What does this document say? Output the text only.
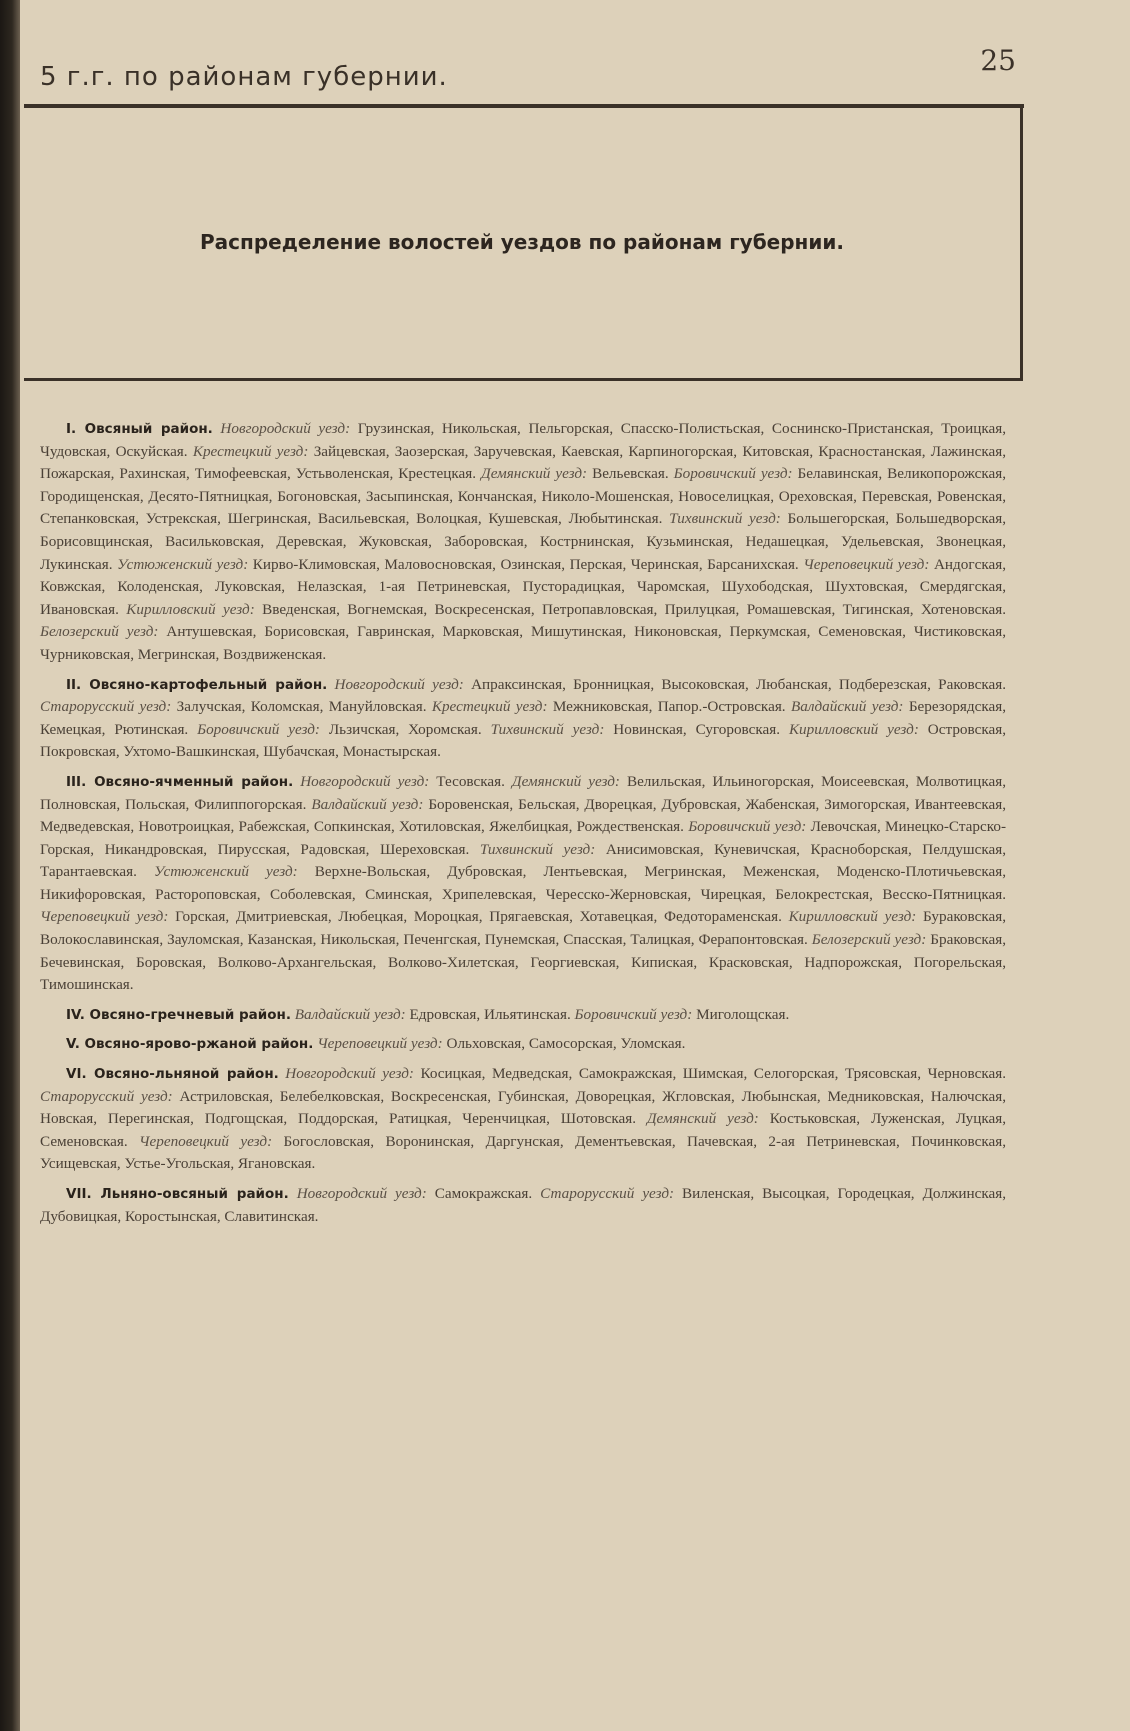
5 г.г. по районам губернии.	25
Распределение волостей уездов по районам губернии.

I. Овсяный район. Новгородский уезд: Грузинская, Никольская, Пельгорская, Спасско-Полистьская, Соснинско-Пристанская, Троицкая, Чудовская, Оскуйская. Крестецкий уезд: Зайцевская, Заозерская, Заручевская, Каевская, Карпиногорская, Китовская, Красностанская, Лажинская, Пожарская, Рахинская, Тимофеевская, Устьволенская, Крестецкая. Демянский уезд: Вельевская. Боровичский уезд: Белавинская, Великопорожская, Городищенская, Десято-Пятницкая, Богоновская, Засыпинская, Кончанская, Николо-Мошенская, Новоселицкая, Ореховская, Перевская, Ровенская, Степанковская, Устрекская, Шегринская, Васильевская, Волоцкая, Кушевская, Любытинская. Тихвинский уезд: Большегорская, Большедворская, Борисовщинская, Васильковская, Деревская, Жуковская, Заборовская, Кострнинская, Кузьминская, Недашецкая, Удельевская, Звонецкая, Лукинская. Устюженский уезд: Кирво-Климовская, Маловосновская, Озинская, Перская, Черинская, Барсанихская. Череповецкий уезд: Андогская, Ковжская, Колоденская, Луковская, Нелазская, 1-ая Петриневская, Пусторадицкая, Чаромская, Шухободская, Шухтовская, Смердягская, Ивановская. Кирилловский уезд: Введенская, Вогнемская, Воскресенская, Петропавловская, Прилуцкая, Ромашевская, Тигинская, Хотеновская. Белозерский уезд: Антушевская, Борисовская, Гавринская, Марковская, Мишутинская, Никоновская, Перкумская, Семеновская, Чистиковская, Чурниковская, Мегринская, Воздвиженская.

II. Овсяно-картофельный район. Новгородский уезд: Апраксинская, Бронницкая, Высоковская, Любанская, Подберезская, Раковская. Старорусский уезд: Залучская, Коломская, Мануйловская. Крестецкий уезд: Межниковская, Папор.-Островская. Валдайский уезд: Березорядская, Кемецкая, Рютинская. Боровичский уезд: Льзичская, Хоромская. Тихвинский уезд: Новинская, Сугоровская. Кирилловский уезд: Островская, Покровская, Ухтомо-Вашкинская, Шубачская, Монастырская.

III. Овсяно-ячменный район. Новгородский уезд: Тесовская. Демянский уезд: Велильская, Ильиногорская, Моисеевская, Молвотицкая, Полновская, Польская, Филиппогорская. Валдайский уезд: Боровенская, Бельская, Дворецкая, Дубровская, Жабенская, Зимогорская, Ивантеевская, Медведевская, Новотроицкая, Рабежская, Сопкинская, Хотиловская, Яжелбицкая, Рождественская. Боровичский уезд: Левочская, Минецко-Старско-Горская, Никандровская, Пирусская, Радовская, Шереховская. Тихвинский уезд: Анисимовская, Куневичская, Красноборская, Пелдушская, Тарантаевская. Устюженский уезд: Верхне-Вольская, Дубровская, Лентьевская, Мегринская, Меженская, Моденско-Плотичьевская, Никифоровская, Растороповская, Соболевская, Сминская, Хрипелевская, Чересско-Жерновская, Чирецкая, Белокрестская, Весско-Пятницкая. Череповецкий уезд: Горская, Дмитриевская, Любецкая, Мороцкая, Прягаевская, Хотавецкая, Федотораменская. Кирилловский уезд: Бураковская, Волокославинская, Зауломская, Казанская, Никольская, Печенгская, Пунемская, Спасская, Талицкая, Ферапонтовская. Белозерский уезд: Браковская, Бечевинская, Боровская, Волково-Архангельская, Волково-Хилетская, Георгиевская, Кипиская, Красковская, Надпорожская, Погорельская, Тимошинская.

IV. Овсяно-гречневый район. Валдайский уезд: Едровская, Ильятинская. Боровичский уезд: Миголощская.

V. Овсяно-ярово-ржаной район. Череповецкий уезд: Ольховская, Самосорская, Уломская.

VI. Овсяно-льняной район. Новгородский уезд: Косицкая, Медведская, Самокражская, Шимская, Селогорская, Трясовская, Черновская. Старорусский уезд: Астриловская, Белебелковская, Воскресенская, Губинская, Доворецкая, Жгловская, Любынская, Медниковская, Налючская, Новская, Перегинская, Подгощская, Поддорская, Ратицкая, Черенчицкая, Шотовская. Демянский уезд: Костьковская, Луженская, Луцкая, Семеновская. Череповецкий уезд: Богословская, Воронинская, Даргунская, Дементьевская, Пачевская, 2-ая Петриневская, Починковская, Усищевская, Устье-Угольская, Ягановская.

VII. Льняно-овсяный район. Новгородский уезд: Самокражская. Старорусский уезд: Виленская, Высоцкая, Городецкая, Должинская, Дубовицкая, Коростынская, Славитинская.
